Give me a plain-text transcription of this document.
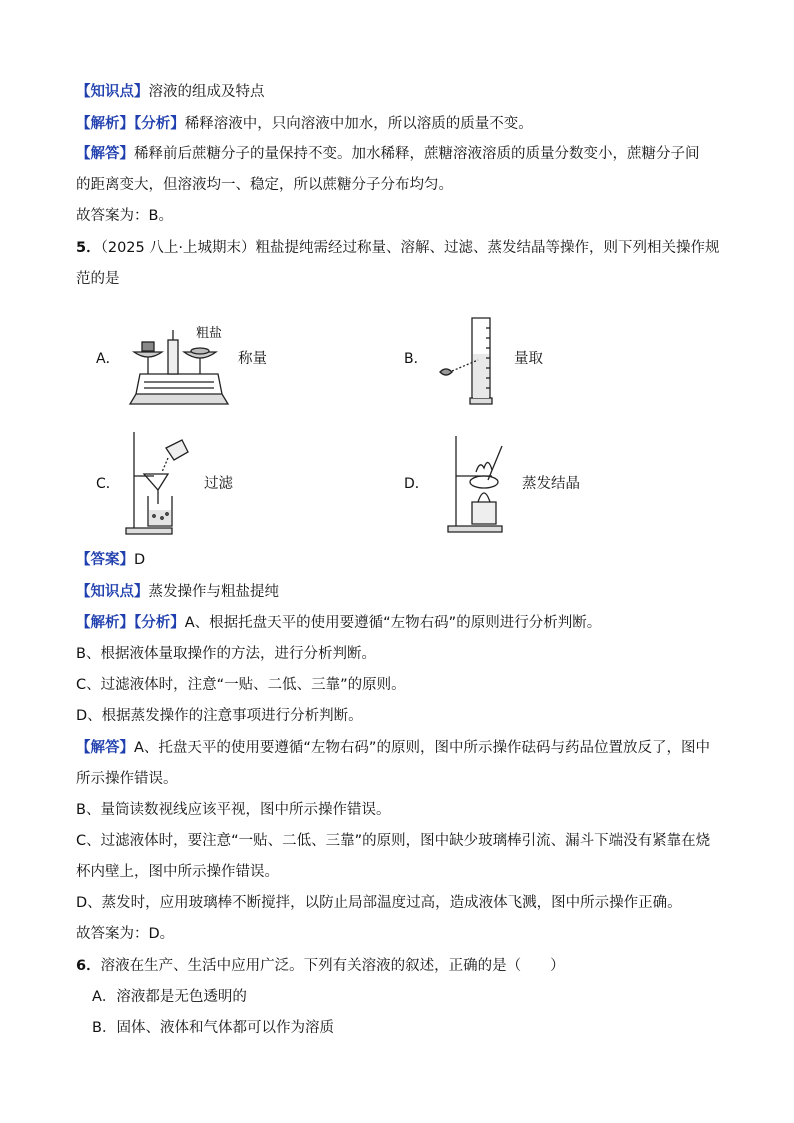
【知识点】溶液的组成及特点
【解析】【分析】稀释溶液中，只向溶液中加水，所以溶质的质量不变。
【解答】稀释前后蔗糖分子的量保持不变。加水稀释，蔗糖溶液溶质的质量分数变小，蔗糖分子间
的距离变大，但溶液均一、稳定，所以蔗糖分子分布均匀。
故答案为：B。
5．（2025 八上·上城期末）粗盐提纯需经过称量、溶解、过滤、蒸发结晶等操作，则下列相关操作规
范的是
A．
粗盐
称量	B．	量取
C．	过滤	D．	蒸发结晶
【答案】D
【知识点】蒸发操作与粗盐提纯
【解析】【分析】A、根据托盘天平的使用要遵循“左物右码”的原则进行分析判断。
B、根据液体量取操作的方法，进行分析判断。
C、过滤液体时，注意“一贴、二低、三靠”的原则。
D、根据蒸发操作的注意事项进行分析判断。
【解答】A、托盘天平的使用要遵循“左物右码”的原则，图中所示操作砝码与药品位置放反了，图中
所示操作错误。
B、量筒读数视线应该平视，图中所示操作错误。
C、过滤液体时，要注意“一贴、二低、三靠”的原则，图中缺少玻璃棒引流、漏斗下端没有紧靠在烧
杯内壁上，图中所示操作错误。
D、蒸发时，应用玻璃棒不断搅拌，以防止局部温度过高，造成液体飞溅，图中所示操作正确。
故答案为：D。
6．溶液在生产、生活中应用广泛。下列有关溶液的叙述，正确的是（　　）
A．溶液都是无色透明的
B．固体、液体和气体都可以作为溶质
